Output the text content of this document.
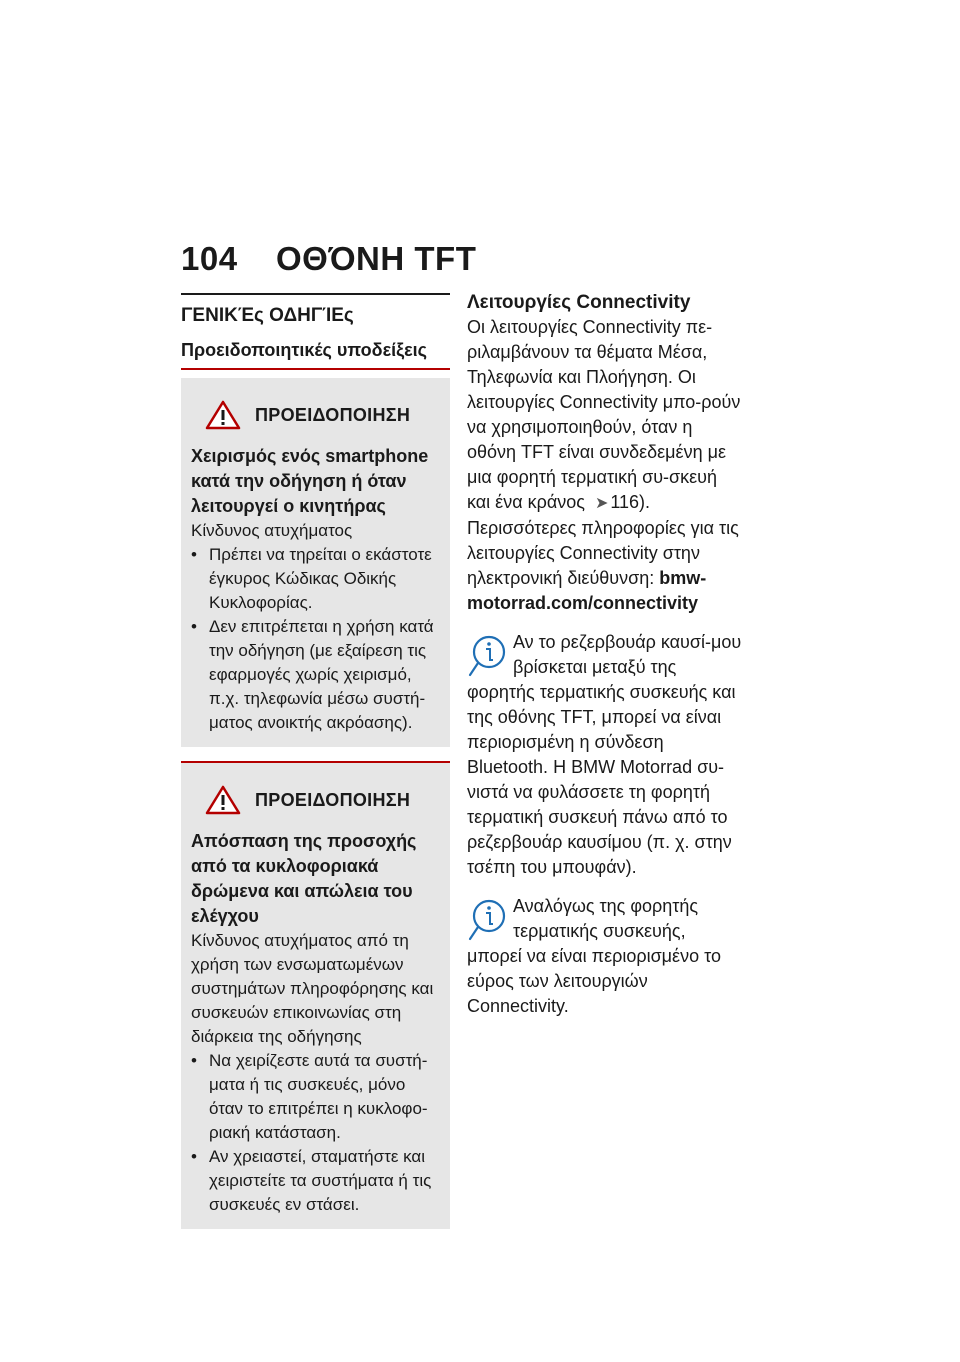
104 ΟΘΌΝΗ TFT
ΓΕΝΙΚΈς ΟΔΗΓΊΕς
Προειδοποιητικές υποδείξεις
ΠΡΟΕΙΔΟΠΟΙΗΣΗ
Χειρισμός ενός smartphone κατά την οδήγηση ή όταν λειτουργεί ο κινητήρας
Κίνδυνος ατυχήματος
• Πρέπει να τηρείται ο εκάστοτε έγκυρος Κώδικας Οδικής Κυκλοφορίας.
• Δεν επιτρέπεται η χρήση κατά την οδήγηση (με εξαίρεση τις εφαρμογές χωρίς χειρισμό, π.χ. τηλεφωνία μέσω συστή-ματος ανοικτής ακρόασης).
ΠΡΟΕΙΔΟΠΟΙΗΣΗ
Απόσπαση της προσοχής από τα κυκλοφοριακά δρώμενα και απώλεια του ελέγχου
Κίνδυνος ατυχήματος από τη χρήση των ενσωματωμένων συστημάτων πληροφόρησης και συσκευών επικοινωνίας στη διάρκεια της οδήγησης
• Να χειρίζεστε αυτά τα συστή-ματα ή τις συσκευές, μόνο όταν το επιτρέπει η κυκλοφο-ριακή κατάσταση.
• Αν χρειαστεί, σταματήστε και χειριστείτε τα συστήματα ή τις συσκευές εν στάσει.
Λειτουργίες Connectivity
Οι λειτουργίες Connectivity πε-ριλαμβάνουν τα θέματα Μέσα, Τηλεφωνία και Πλοήγηση. Οι λειτουργίες Connectivity μπο-ρούν να χρησιμοποιηθούν, όταν η οθόνη TFT είναι συνδεδεμένη με μια φορητή τερματική συ-σκευή και ένα κράνος ➤ 116).
Περισσότερες πληροφορίες για τις λειτουργίες Connectivity στην ηλεκτρονική διεύθυνση: bmw-motorrad.com/connectivity
Αν το ρεζερβουάρ καυσί-μου βρίσκεται μεταξύ της φορητής τερματικής συσκευής και της οθόνης TFT, μπορεί να είναι περιορισμένη η σύνδεση Bluetooth. Η BMW Motorrad συ-νιστά να φυλάσσετε τη φορητή τερματική συσκευή πάνω από το ρεζερβουάρ καυσίμου (π. χ. στην τσέπη του μπουφάν).
Αναλόγως της φορητής τερματικής συσκευής, μπορεί να είναι περιορισμένο το εύρος των λειτουργιών Connectivity.
